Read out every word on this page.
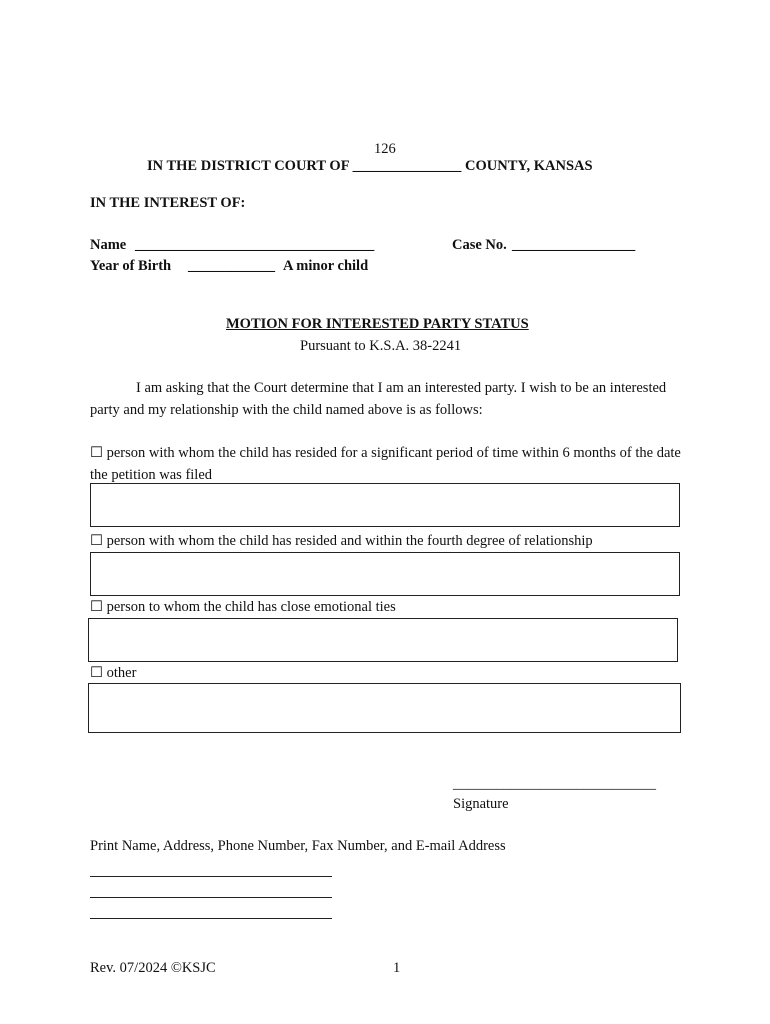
126
IN THE DISTRICT COURT OF _______________ COUNTY, KANSAS
IN THE INTEREST OF:
Name _________________________________	Case No. _________________
Year of Birth ____________ A minor child
MOTION FOR INTERESTED PARTY STATUS
Pursuant to K.S.A. 38-2241
I am asking that the Court determine that I am an interested party. I wish to be an interested party and my relationship with the child named above is as follows:
☐ person with whom the child has resided for a significant period of time within 6 months of the date the petition was filed
☐ person with whom the child has resided and within the fourth degree of relationship
☐ person to whom the child has close emotional ties
☐ other
____________________________
Signature
Print Name, Address, Phone Number, Fax Number, and E-mail Address
Rev. 07/2024 ©KSJC	1
